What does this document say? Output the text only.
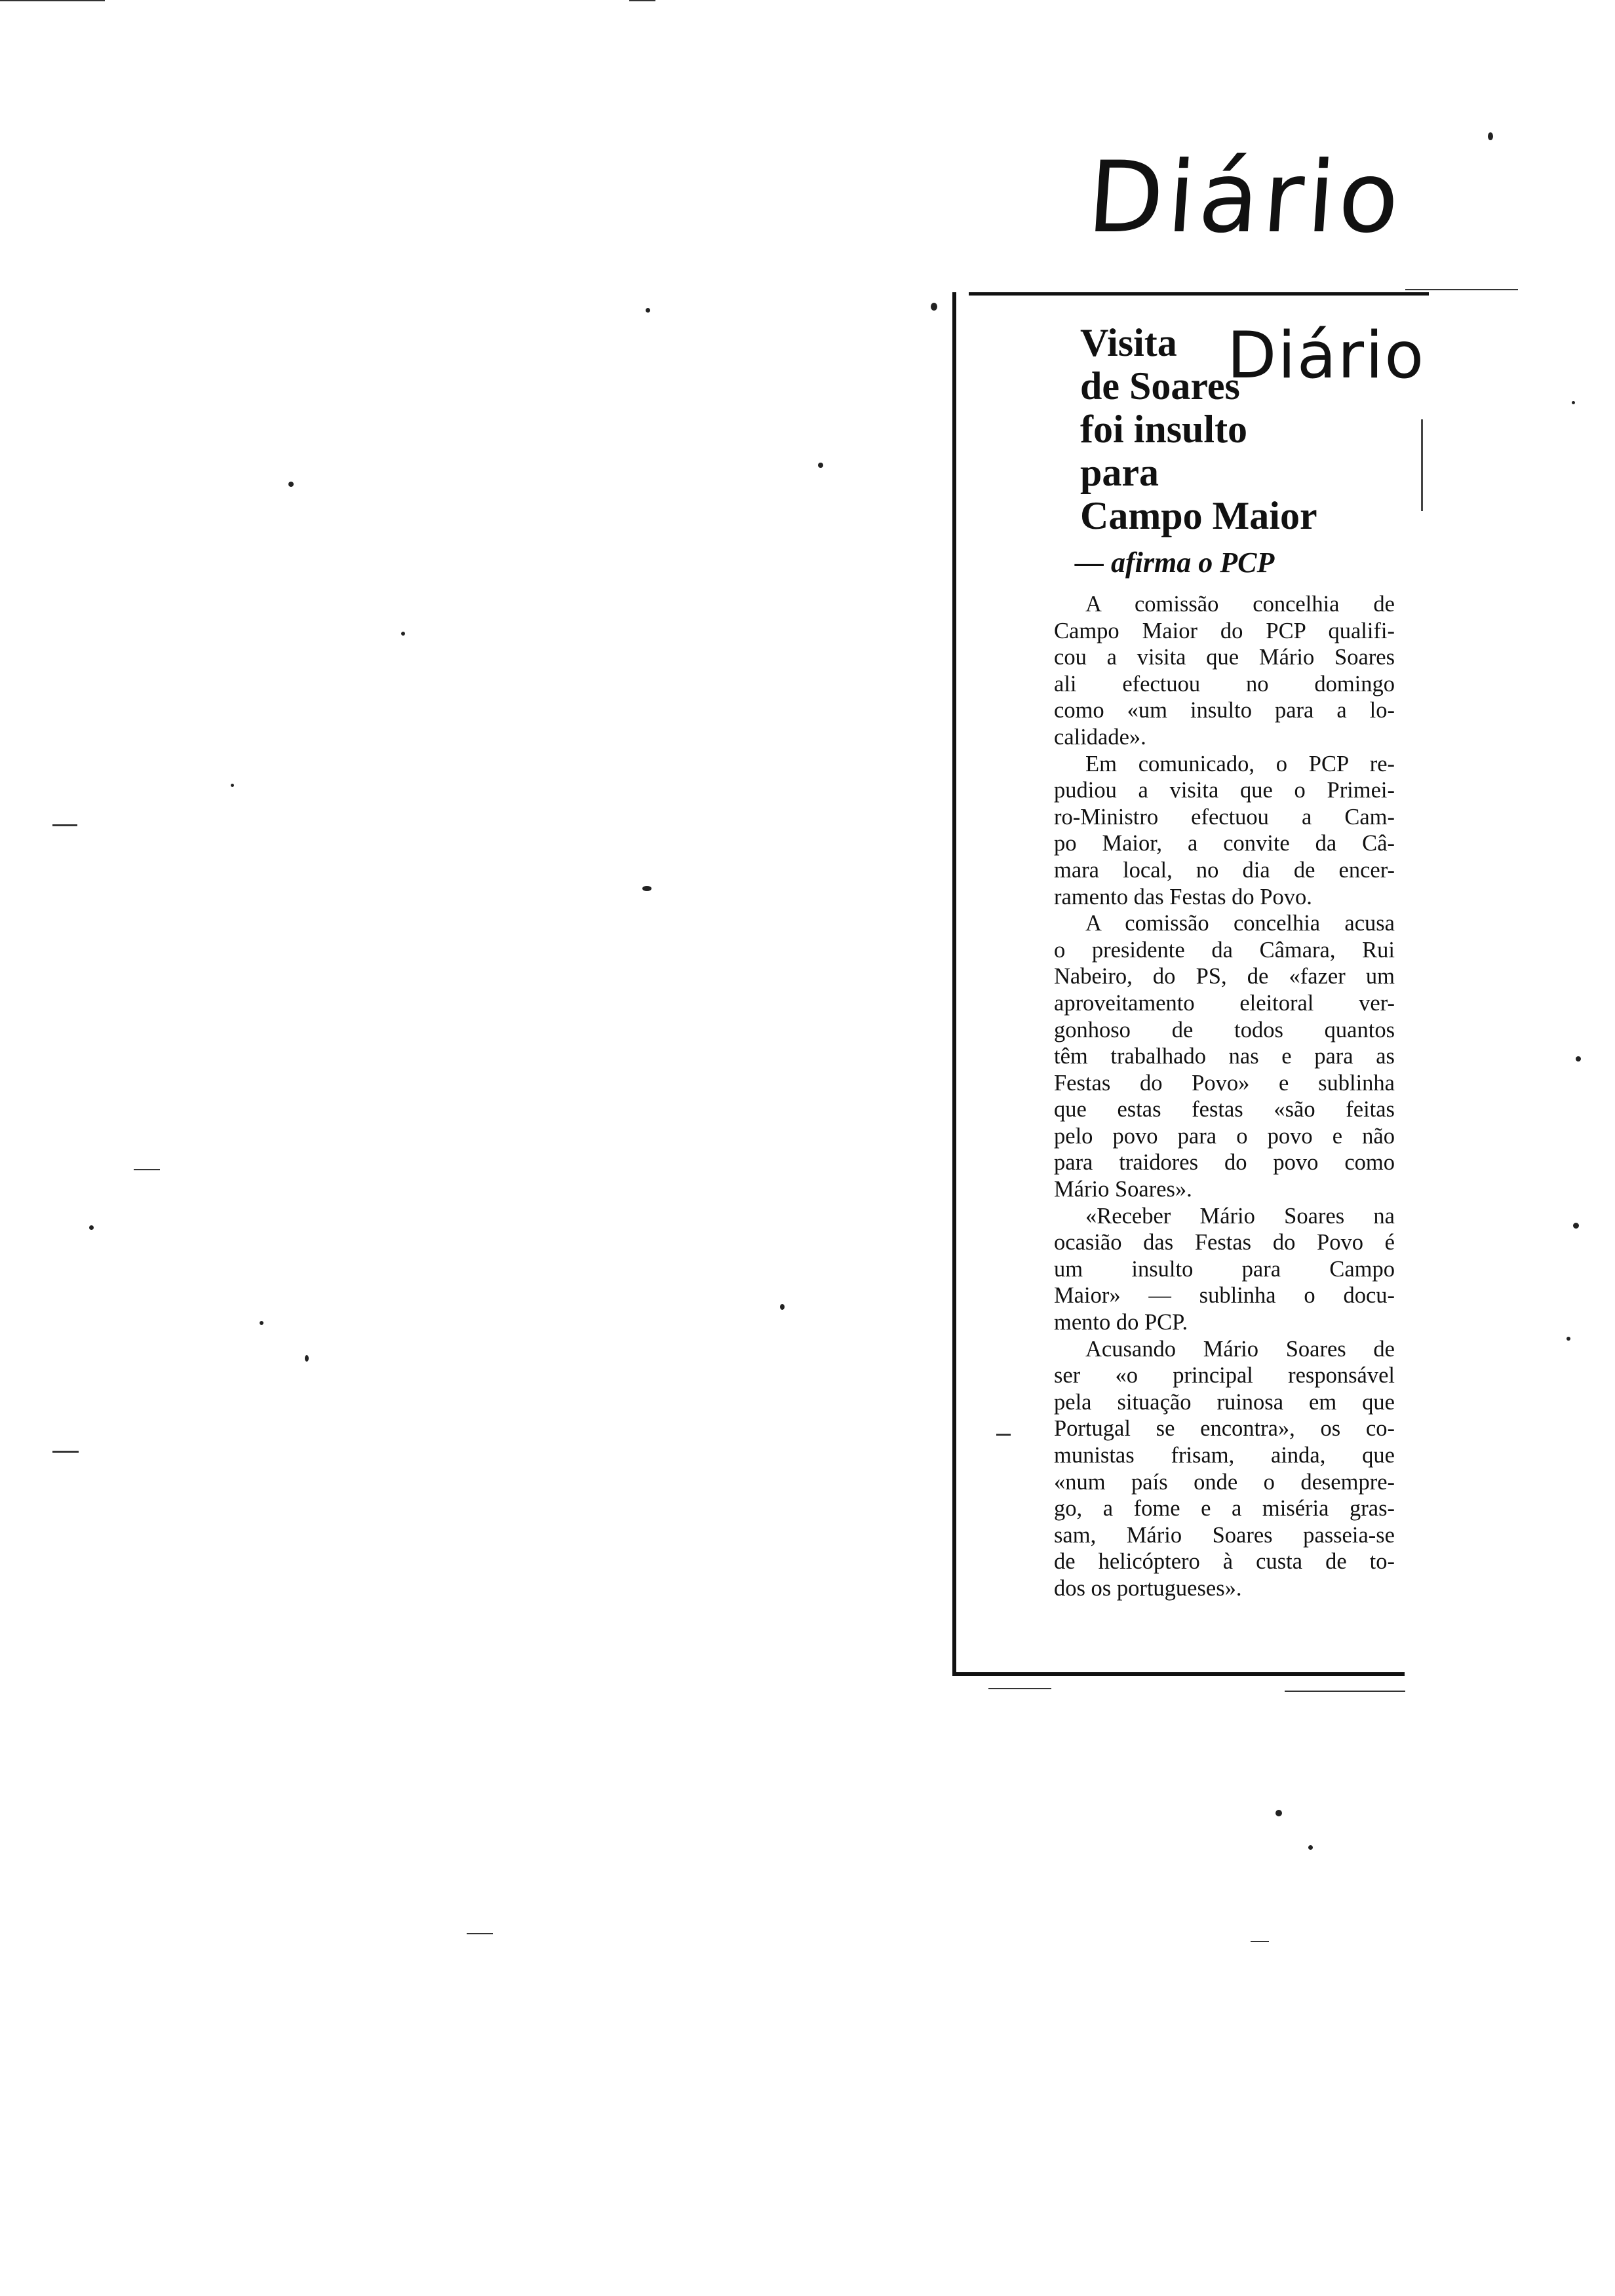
Diário
Diário
Visita
de Soares
foi insulto
para
Campo Maior
— afirma o PCP

A comissão concelhia de
Campo Maior do PCP qualifi-
cou a visita que Mário Soares
ali efectuou no domingo
como «um insulto para a lo-
calidade».

Em comunicado, o PCP re-
pudiou a visita que o Primei-
ro-Ministro efectuou a Cam-
po Maior, a convite da Câ-
mara local, no dia de encer-
ramento das Festas do Povo.

A comissão concelhia acusa
o presidente da Câmara, Rui
Nabeiro, do PS, de «fazer um
aproveitamento eleitoral ver-
gonhoso de todos quantos
têm trabalhado nas e para as
Festas do Povo» e sublinha
que estas festas «são feitas
pelo povo para o povo e não
para traidores do povo como
Mário Soares».

«Receber Mário Soares na
ocasião das Festas do Povo é
um insulto para Campo
Maior» — sublinha o docu-
mento do PCP.

Acusando Mário Soares de
ser «o principal responsável
pela situação ruinosa em que
Portugal se encontra», os co-
munistas frisam, ainda, que
«num país onde o desempre-
go, a fome e a miséria gras-
sam, Mário Soares passeia-se
de helicóptero à custa de to-
dos os portugueses».
